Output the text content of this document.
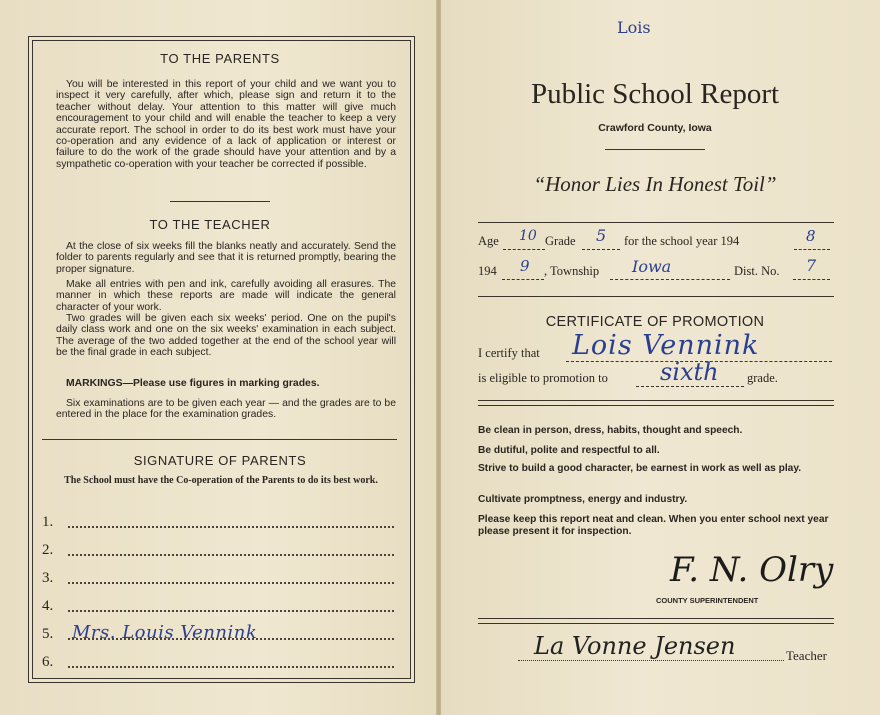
TO THE PARENTS

You will be interested in this report of your child and we want you to inspect it very carefully, after which, please sign and return it to the teacher without delay. Your attention to this matter will give much encouragement to your child and will enable the teacher to keep a very accurate report. The school in order to do its best work must have your co-operation and any evidence of a lack of application or interest or failure to do the work of the grade should have your attention and by a sympathetic co-operation with your teacher be corrected if possible.

TO THE TEACHER

At the close of six weeks fill the blanks neatly and accurately. Send the folder to parents regularly and see that it is returned promptly, bearing the proper signature.

Make all entries with pen and ink, carefully avoiding all erasures. The manner in which these reports are made will indicate the general character of your work.

Two grades will be given each six weeks' period. One on the pupil's daily class work and one on the six weeks' examination in each subject. The average of the two added together at the end of the school year will be the final grade in each subject.

MARKINGS—Please use figures in marking grades.

Six examinations are to be given each year — and the grades are to be entered in the place for the examination grades.

SIGNATURE OF PARENTS

The School must have the Co-operation of the Parents to do its best work.

1.
2.
3.
4.
5. Mrs. Louis Vennink
6.
Lois
Public School Report
Crawford County, Iowa
“Honor Lies In Honest Toil”
Age 10 Grade 5 for the school year 194	8
194 9 , Township Iowa	Dist. No. 7
CERTIFICATE OF PROMOTION
I certify that Lois Vennink
is eligible to promotion to sixth grade.

Be clean in person, dress, habits, thought and speech.

Be dutiful, polite and respectful to all.

Strive to build a good character, be earnest in work as well as play.

Cultivate promptness, energy and industry.

Please keep this report neat and clean. When you enter school next year please present it for inspection.

F. N. Olry
COUNTY SUPERINTENDENT
La Vonne Jensen	Teacher
